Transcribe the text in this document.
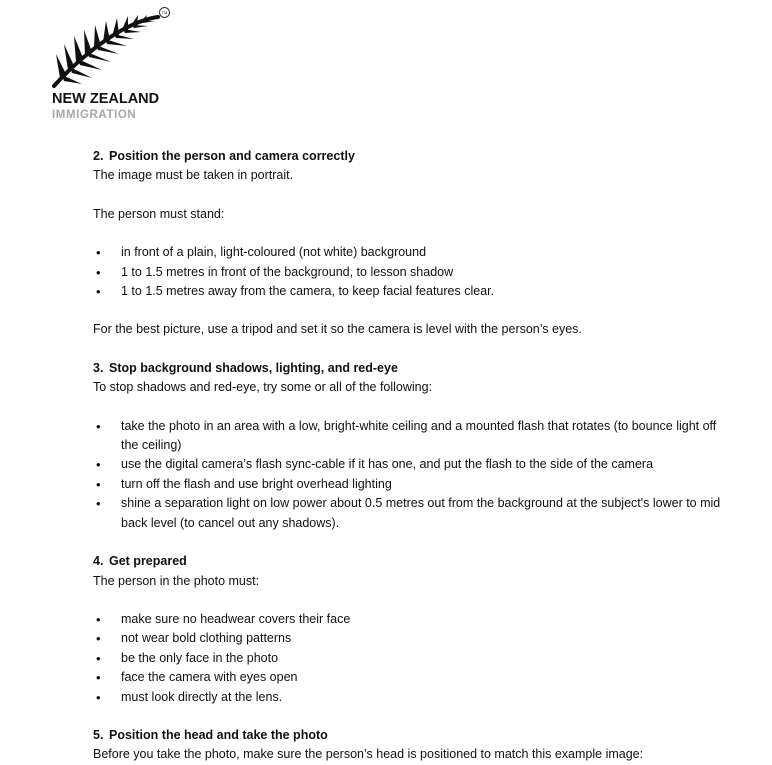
TM
NEW ZEALAND
IMMIGRATION
2. Position the person and camera correctly

The image must be taken in portrait.

The person must stand:

• in front of a plain, light-coloured (not white) background
• 1 to 1.5 metres in front of the background, to lesson shadow
• 1 to 1.5 metres away from the camera, to keep facial features clear.

For the best picture, use a tripod and set it so the camera is level with the person’s eyes.

3. Stop background shadows, lighting, and red-eye

To stop shadows and red-eye, try some or all of the following:

• take the photo in an area with a low, bright-white ceiling and a mounted flash that rotates (to bounce light off the ceiling)
• use the digital camera’s flash sync-cable if it has one, and put the flash to the side of the camera
• turn off the flash and use bright overhead lighting
• shine a separation light on low power about 0.5 metres out from the background at the subject's lower to mid back level (to cancel out any shadows).
4. Get prepared

The person in the photo must:

• make sure no headwear covers their face
• not wear bold clothing patterns
• be the only face in the photo
• face the camera with eyes open
• must look directly at the lens.
5. Position the head and take the photo

Before you take the photo, make sure the person’s head is positioned to match this example image:
